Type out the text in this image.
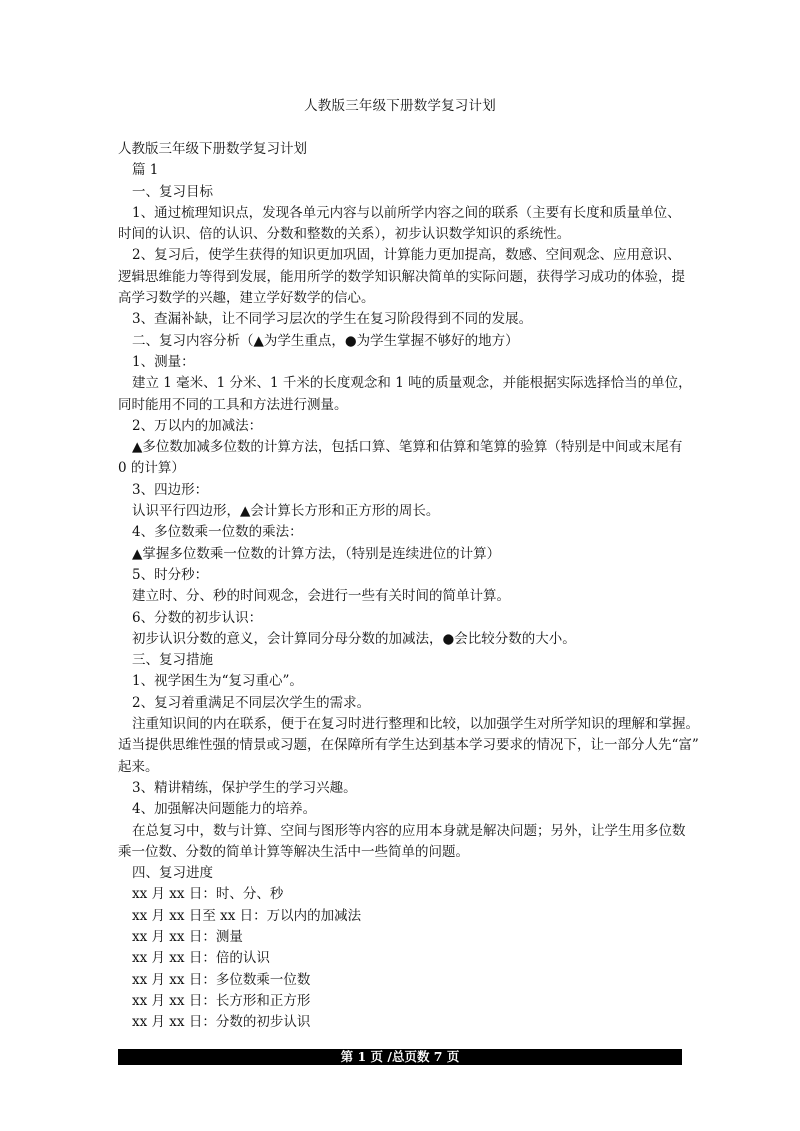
人教版三年级下册数学复习计划
人教版三年级下册数学复习计划
篇 1
一、复习目标
1、通过梳理知识点，发现各单元内容与以前所学内容之间的联系（主要有长度和质量单位、
时间的认识、倍的认识、分数和整数的关系），初步认识数学知识的系统性。
2、复习后，使学生获得的知识更加巩固，计算能力更加提高，数感、空间观念、应用意识、
逻辑思维能力等得到发展，能用所学的数学知识解决简单的实际问题，获得学习成功的体验，提
高学习数学的兴趣，建立学好数学的信心。
3、查漏补缺，让不同学习层次的学生在复习阶段得到不同的发展。
二、复习内容分析（▲为学生重点，●为学生掌握不够好的地方）
1、测量：
建立 1 毫米、1 分米、1 千米的长度观念和 1 吨的质量观念，并能根据实际选择恰当的单位，
同时能用不同的工具和方法进行测量。
2、万以内的加减法：
▲多位数加减多位数的计算方法，包括口算、笔算和估算和笔算的验算（特别是中间或末尾有
0 的计算）
3、四边形：
认识平行四边形，▲会计算长方形和正方形的周长。
4、多位数乘一位数的乘法：
▲掌握多位数乘一位数的计算方法，（特别是连续进位的计算）
5、时分秒：
建立时、分、秒的时间观念，会进行一些有关时间的简单计算。
6、分数的初步认识：
初步认识分数的意义，会计算同分母分数的加减法，●会比较分数的大小。
三、复习措施
1、视学困生为“复习重心”。
2、复习着重满足不同层次学生的需求。
注重知识间的内在联系，便于在复习时进行整理和比较，以加强学生对所学知识的理解和掌握。
适当提供思维性强的情景或习题，在保障所有学生达到基本学习要求的情况下，让一部分人先“富”
起来。
3、精讲精练，保护学生的学习兴趣。
4、加强解决问题能力的培养。
在总复习中，数与计算、空间与图形等内容的应用本身就是解决问题；另外，让学生用多位数
乘一位数、分数的简单计算等解决生活中一些简单的问题。
四、复习进度
xx 月 xx 日：时、分、秒
xx 月 xx 日至 xx 日：万以内的加减法
xx 月 xx 日：测量
xx 月 xx 日：倍的认识
xx 月 xx 日：多位数乘一位数
xx 月 xx 日：长方形和正方形
xx 月 xx 日：分数的初步认识
第 1 页 /总页数 7 页
